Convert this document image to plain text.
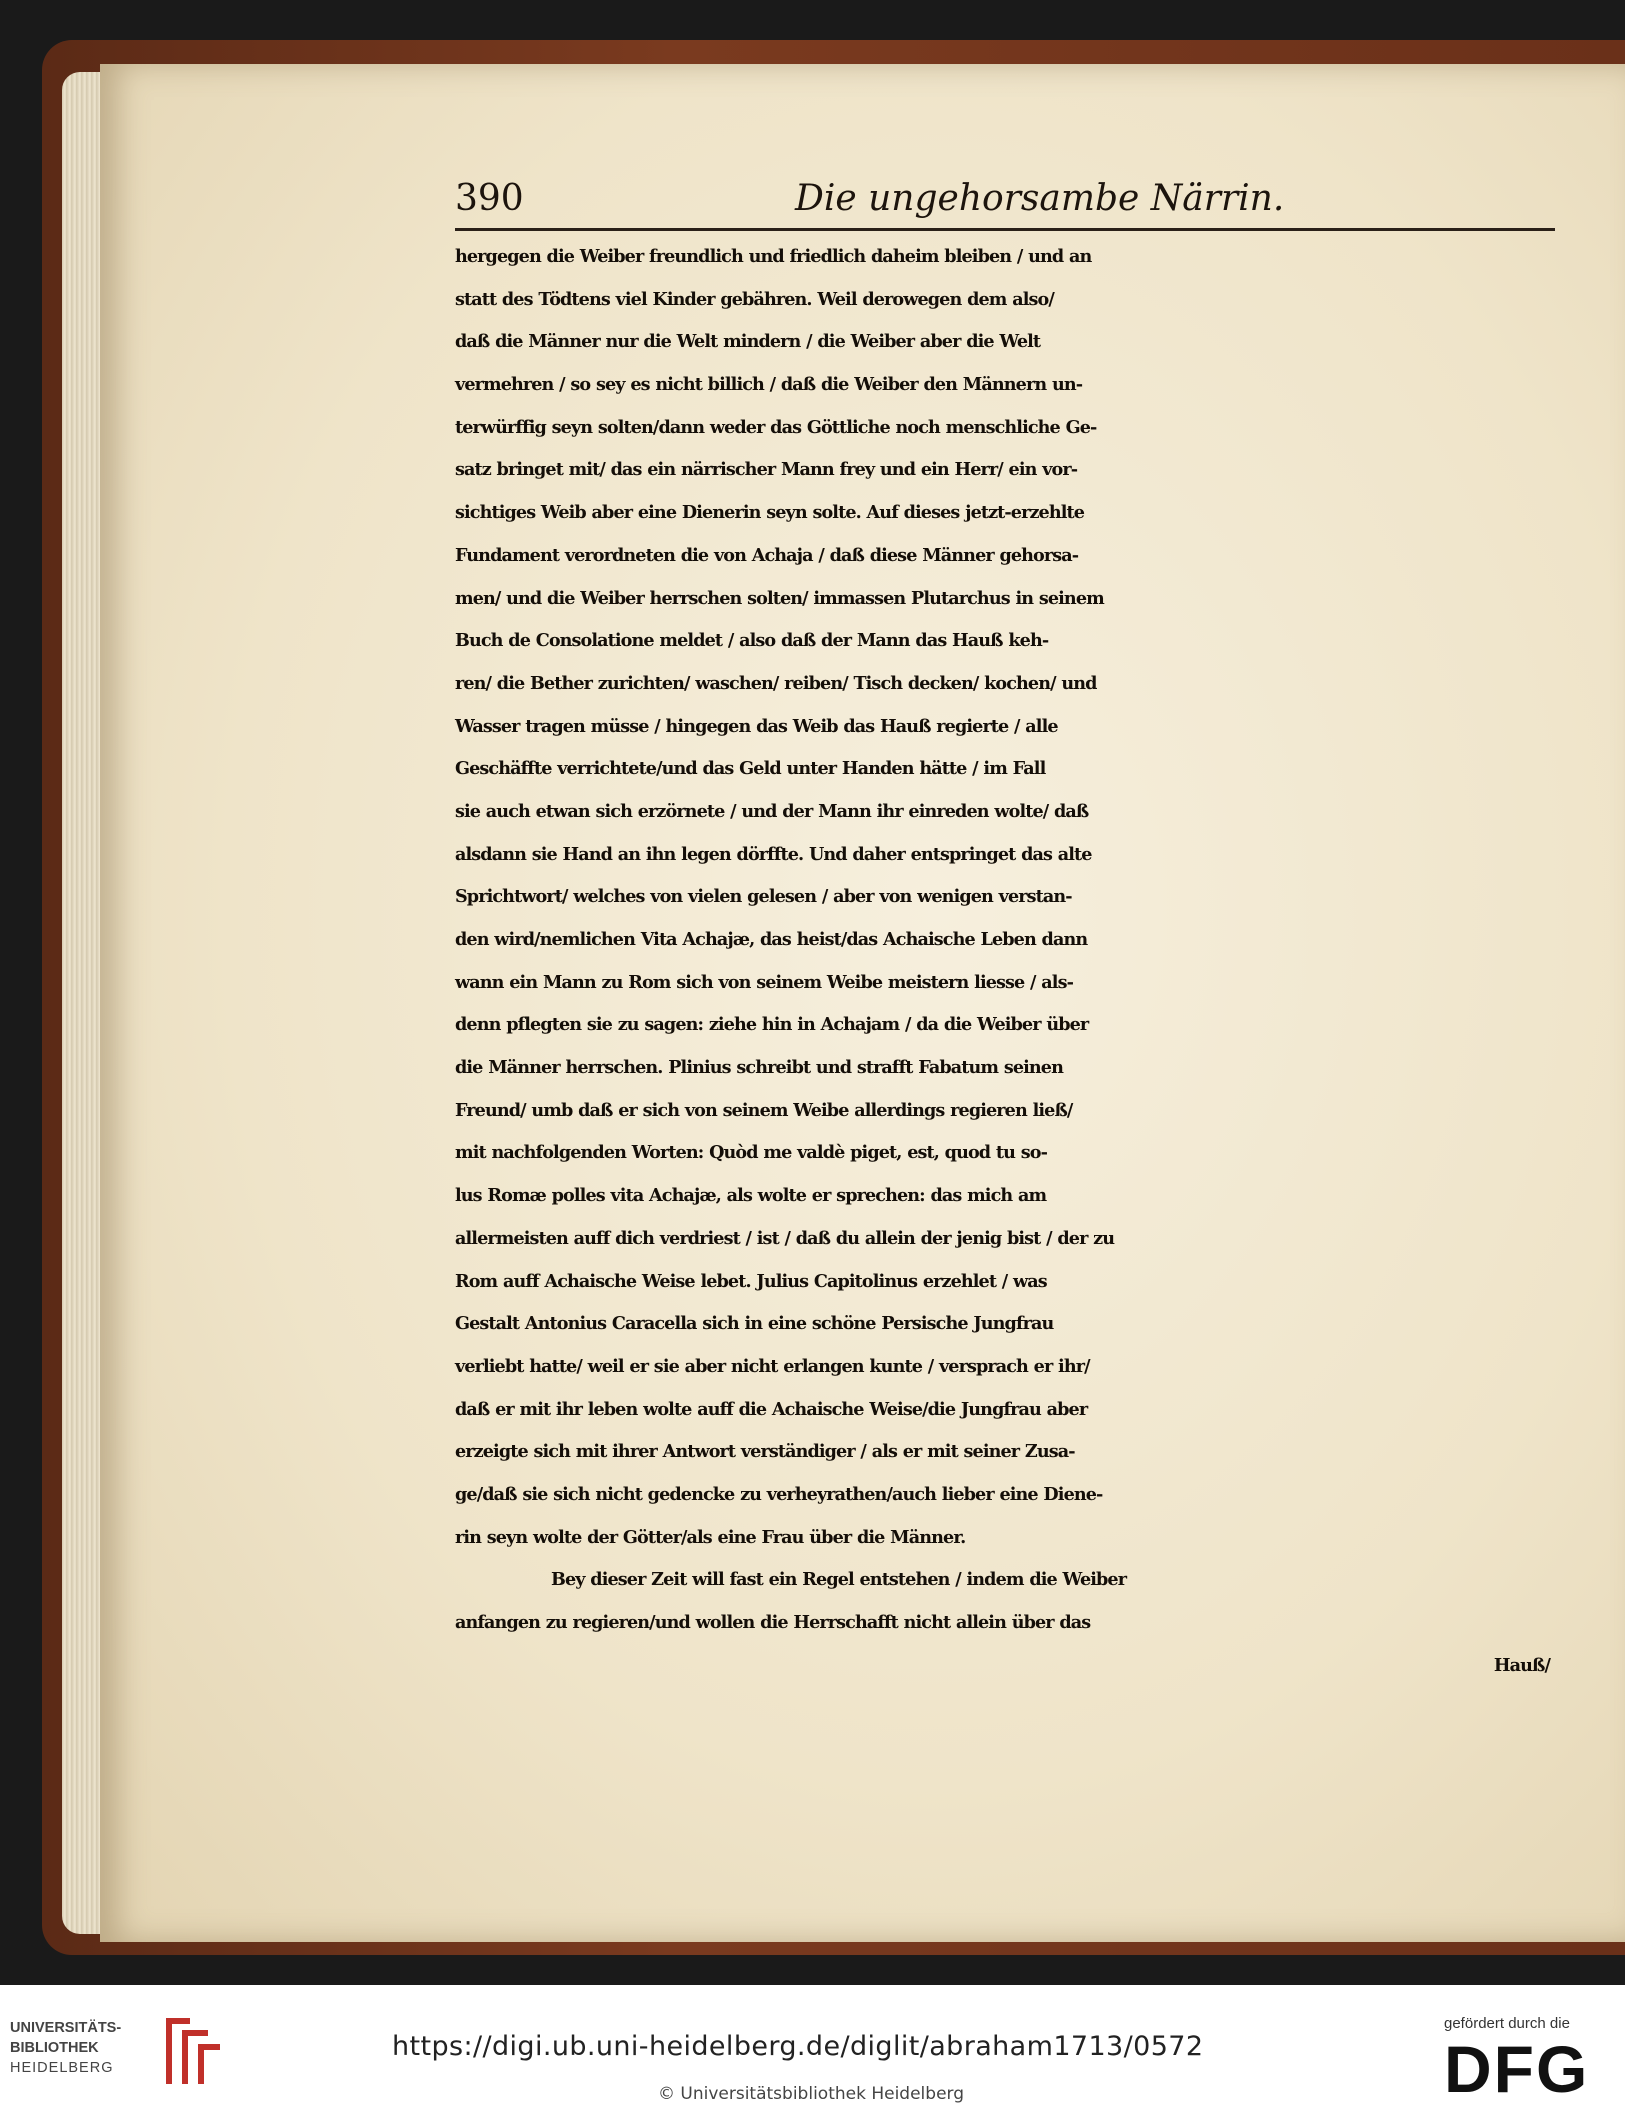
390	Die ungehorsambe Närrin.
hergegen die Weiber freundlich und friedlich daheim bleiben / und an
statt des Tödtens viel Kinder gebähren. Weil derowegen dem also/
daß die Männer nur die Welt mindern / die Weiber aber die Welt
vermehren / so sey es nicht billich / daß die Weiber den Männern un-
terwürffig seyn solten/dann weder das Göttliche noch menschliche Ge-
satz bringet mit/ das ein närrischer Mann frey und ein Herr/ ein vor-
sichtiges Weib aber eine Dienerin seyn solte. Auf dieses jetzt-erzehlte
Fundament verordneten die von Achaja / daß diese Männer gehorsa-
men/ und die Weiber herrschen solten/ immassen Plutarchus in seinem
Buch de Consolatione meldet / also daß der Mann das Hauß keh-
ren/ die Bether zurichten/ waschen/ reiben/ Tisch decken/ kochen/ und
Wasser tragen müsse / hingegen das Weib das Hauß regierte / alle
Geschäffte verrichtete/und das Geld unter Handen hätte / im Fall
sie auch etwan sich erzörnete / und der Mann ihr einreden wolte/ daß
alsdann sie Hand an ihn legen dörffte. Und daher entspringet das alte
Sprichtwort/ welches von vielen gelesen / aber von wenigen verstan-
den wird/nemlichen Vita Achajæ, das heist/das Achaische Leben dann
wann ein Mann zu Rom sich von seinem Weibe meistern liesse / als-
denn pflegten sie zu sagen: ziehe hin in Achajam / da die Weiber über
die Männer herrschen. Plinius schreibt und strafft Fabatum seinen
Freund/ umb daß er sich von seinem Weibe allerdings regieren ließ/
mit nachfolgenden Worten: Quòd me valdè piget, est, quod tu so-
lus Romæ polles vita Achajæ, als wolte er sprechen: das mich am
allermeisten auff dich verdriest / ist / daß du allein der jenig bist / der zu
Rom auff Achaische Weise lebet. Julius Capitolinus erzehlet / was
Gestalt Antonius Caracella sich in eine schöne Persische Jungfrau
verliebt hatte/ weil er sie aber nicht erlangen kunte / versprach er ihr/
daß er mit ihr leben wolte auff die Achaische Weise/die Jungfrau aber
erzeigte sich mit ihrer Antwort verständiger / als er mit seiner Zusa-
ge/daß sie sich nicht gedencke zu verheyrathen/auch lieber eine Diene-
rin seyn wolte der Götter/als eine Frau über die Männer.
Bey dieser Zeit will fast ein Regel entstehen / indem die Weiber
anfangen zu regieren/und wollen die Herrschafft nicht allein über das
Hauß/
UNIVERSITÄTS-
BIBLIOTHEK
HEIDELBERG
https://digi.ub.uni-heidelberg.de/diglit/abraham1713/0572
© Universitätsbibliothek Heidelberg
gefördert durch die
DFG
